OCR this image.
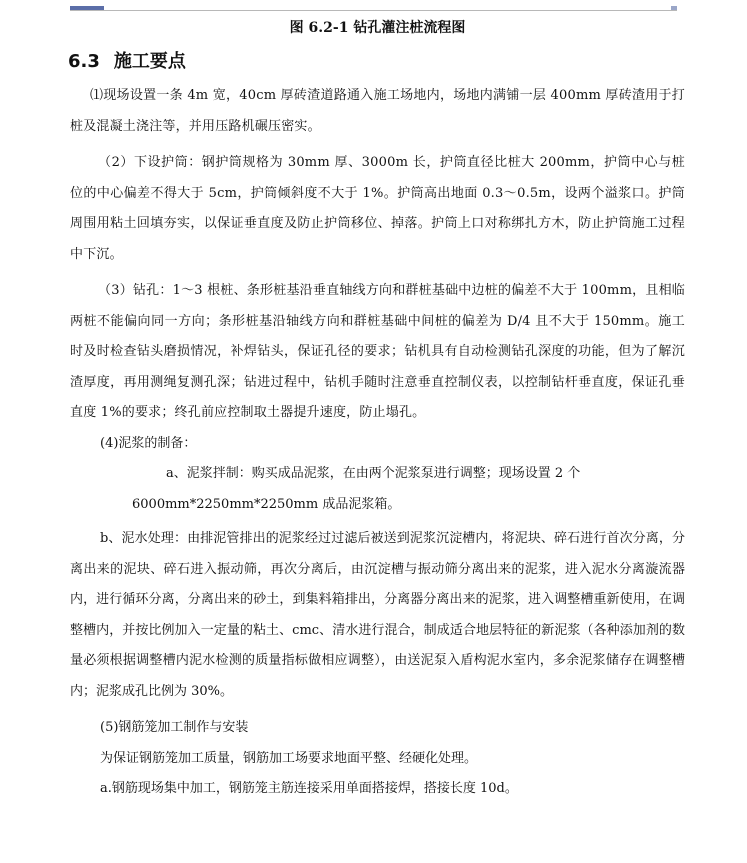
图 6.2-1 钻孔灌注桩流程图
6.3 施工要点

⑴现场设置一条 4m 宽，40cm 厚砖渣道路通入施工场地内，场地内满铺一层 400mm 厚砖渣用于打桩及混凝土浇注等，并用压路机碾压密实。

（2）下设护筒：钢护筒规格为 30mm 厚、3000m 长，护筒直径比桩大 200mm，护筒中心与桩位的中心偏差不得大于 5cm，护筒倾斜度不大于 1%。护筒高出地面 0.3～0.5m，设两个溢浆口。护筒周围用粘土回填夯实，以保证垂直度及防止护筒移位、掉落。护筒上口对称绑扎方木，防止护筒施工过程中下沉。

（3）钻孔：1～3 根桩、条形桩基沿垂直轴线方向和群桩基础中边桩的偏差不大于 100mm，且相临两桩不能偏向同一方向；条形桩基沿轴线方向和群桩基础中间桩的偏差为 D/4 且不大于 150mm。施工时及时检查钻头磨损情况，补焊钻头，保证孔径的要求；钻机具有自动检测钻孔深度的功能，但为了解沉渣厚度，再用测绳复测孔深；钻进过程中，钻机手随时注意垂直控制仪表，以控制钻杆垂直度，保证孔垂直度 1%的要求；终孔前应控制取土器提升速度，防止塌孔。

(4)泥浆的制备：

a、泥浆拌制：购买成品泥浆，在由两个泥浆泵进行调整；现场设置 2 个 6000mm*2250mm*2250mm 成品泥浆箱。

b、泥水处理：由排泥管排出的泥浆经过过滤后被送到泥浆沉淀槽内，将泥块、碎石进行首次分离，分离出来的泥块、碎石进入振动筛，再次分离后，由沉淀槽与振动筛分离出来的泥浆，进入泥水分离漩流器内，进行循环分离，分离出来的砂土，到集料箱排出，分离器分离出来的泥浆，进入调整槽重新使用，在调整槽内，并按比例加入一定量的粘土、cmc、清水进行混合，制成适合地层特征的新泥浆（各种添加剂的数量必须根据调整槽内泥水检测的质量指标做相应调整），由送泥泵入盾构泥水室内，多余泥浆储存在调整槽内；泥浆成孔比例为 30%。

(5)钢筋笼加工制作与安装

为保证钢筋笼加工质量，钢筋加工场要求地面平整、经硬化处理。

a.钢筋现场集中加工，钢筋笼主筋连接采用单面搭接焊，搭接长度 10d。
